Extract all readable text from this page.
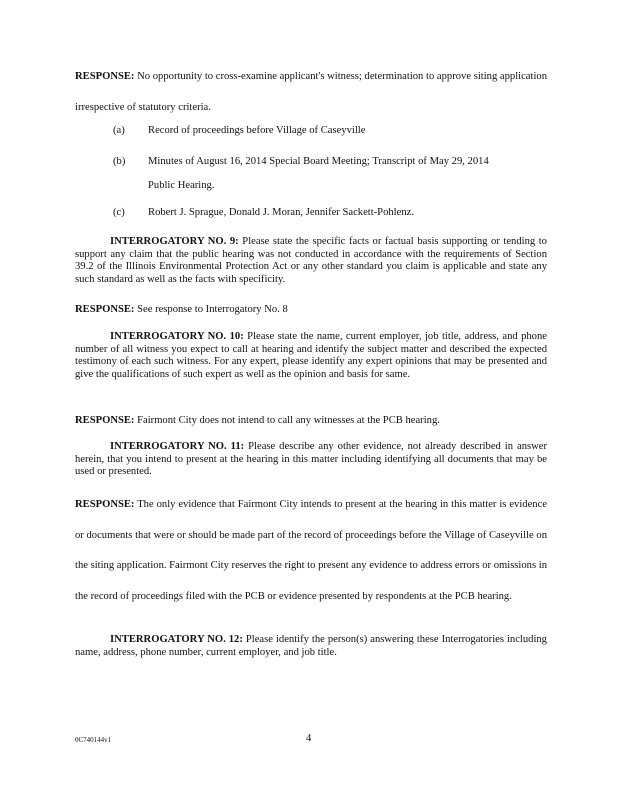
RESPONSE: No opportunity to cross-examine applicant's witness; determination to approve siting application irrespective of statutory criteria.

(a)	Record of proceedings before Village of Caseyville
(b)	Minutes of August 16, 2014 Special Board Meeting; Transcript of May 29, 2014
Public Hearing.
(c)	Robert J. Sprague, Donald J. Moran, Jennifer Sackett-Pohlenz.

INTERROGATORY NO. 9: Please state the specific facts or factual basis supporting or tending to support any claim that the public hearing was not conducted in accordance with the requirements of Section 39.2 of the Illinois Environmental Protection Act or any other standard you claim is applicable and state any such standard as well as the facts with specificity.

RESPONSE: See response to Interrogatory No. 8

INTERROGATORY NO. 10: Please state the name, current employer, job title, address, and phone number of all witness you expect to call at hearing and identify the subject matter and described the expected testimony of each such witness. For any expert, please identify any expert opinions that may be presented and give the qualifications of such expert as well as the opinion and basis for same.

RESPONSE: Fairmont City does not intend to call any witnesses at the PCB hearing.

INTERROGATORY NO. 11: Please describe any other evidence, not already described in answer herein, that you intend to present at the hearing in this matter including identifying all documents that may be used or presented.

RESPONSE: The only evidence that Fairmont City intends to present at the hearing in this matter is evidence or documents that were or should be made part of the record of proceedings before the Village of Caseyville on the siting application. Fairmont City reserves the right to present any evidence to address errors or omissions in the record of proceedings filed with the PCB or evidence presented by respondents at the PCB hearing.

INTERROGATORY NO. 12: Please identify the person(s) answering these Interrogatories including name, address, phone number, current employer, and job title.

0C740144v1	4
